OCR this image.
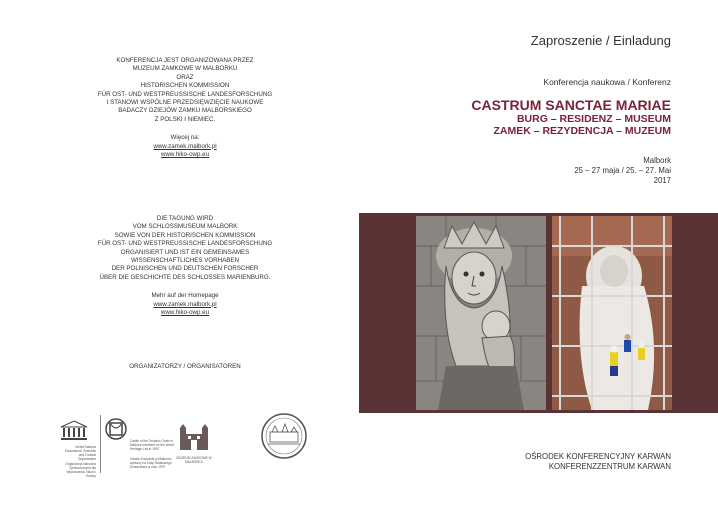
KONFERENCJA JEST ORGANIZOWANA PRZEZ
MUZEUM ZAMKOWE W MALBORKU
ORAZ
HISTORISCHEN KOMMISSION
FÜR OST- UND WESTPREUSSISCHE LANDESFORSCHUNG
I STANOWI WSPÓLNE PRZEDSIĘWZIĘCIE NAUKOWE
BADACZY DZIEJÓW ZAMKU MALBORSKIEGO
Z POLSKI I NIEMIEC.
Więcej na:
www.zamek.malbork.pl
www.hiko-owp.eu
DIE TAGUNG WIRD
VOM SCHLOSSMUSEUM MALBORK
SOWIE VON DER HISTORISCHEN KOMMISSION
FÜR OST- UND WESTPREUSSISCHE LANDESFORSCHUNG
ORGANISIERT UND IST EIN GEMEINSAMES
WISSENSCHAFTLICHES VORHABEN
DER POLNISCHEN UND DEUTSCHEN FORSCHER
ÜBER DIE GESCHICHTE DES SCHLOSSES MARIENBURG.
Mehr auf der Homepage
www.zamek.malbork.pl
www.hiko-owp.eu
ORGANIZATORZY / ORGANISATOREN
United Nations Educational, Scientific and Cultural Organization
Organizacja Narodów Zjednoczonych dla Wychowania, Nauki i Kultury
Castle of the Teutonic Order in Malbork inscribed on the World Heritage List in 1997
Zamek Krzyżacki w Malborku wpisany na Listę Światowego Dziedzictwa w roku 1997
MUZEUM ZAMKOWE W MALBORKU
Zaproszenie / Einladung
Konferencja naukowa / Konferenz
CASTRUM SANCTAE MARIAE
BURG – RESIDENZ – MUSEUM
ZAMEK – REZYDENCJA – MUZEUM
Malbork
25 – 27 maja / 25. – 27. Mai
2017
OŚRODEK KONFERENCYJNY KARWAN
KONFERENZZENTRUM KARWAN
